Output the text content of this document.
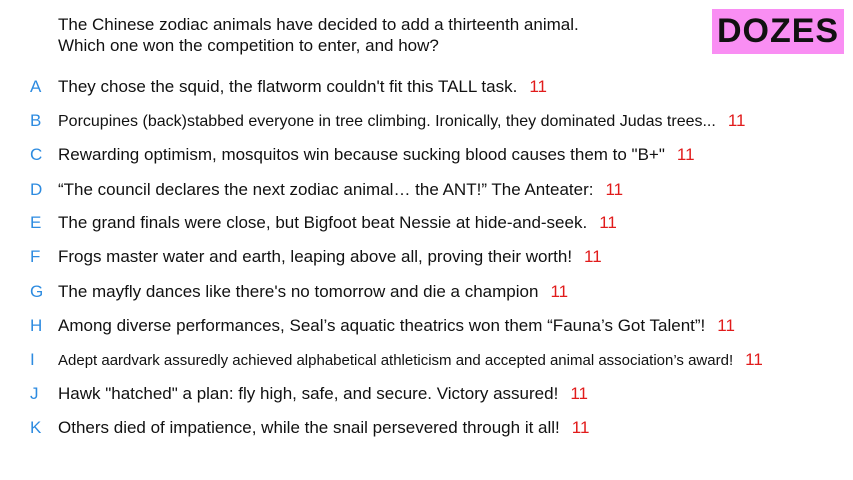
The Chinese zodiac animals have decided to add a thirteenth animal.
Which one won the competition to enter, and how?	DOZES
A They chose the squid, the flatworm couldn't fit this TALL task. 11
B	Porcupines (back)stabbed everyone in tree climbing. Ironically, they dominated Judas trees... 11
C Rewarding optimism, mosquitos win because sucking blood causes them to "B+" 11
D “The council declares the next zodiac animal… the ANT!” The Anteater: 11
E The grand finals were close, but Bigfoot beat Nessie at hide-and-seek. 11
F	Frogs master water and earth, leaping above all, proving their worth! 11
G The mayfly dances like there's no tomorrow and die a champion 11
H Among diverse performances, Seal’s aquatic theatrics won them “Fauna’s Got Talent”! 11
I	Adept aardvark assuredly achieved alphabetical athleticism and accepted animal association’s award! 11
J	Hawk "hatched" a plan: fly high, safe, and secure. Victory assured! 11
K Others died of impatience, while the snail persevered through it all! 11
